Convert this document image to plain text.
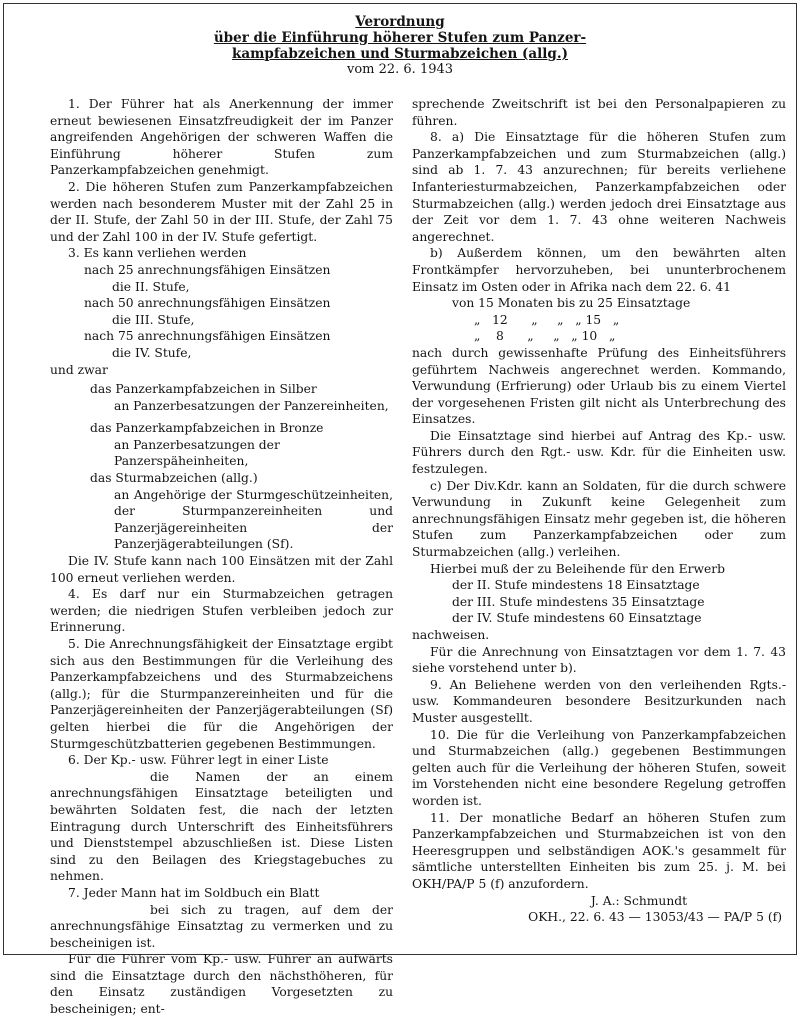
Verordnung
über die Einführung höherer Stufen zum Panzer-
kampfabzeichen und Sturmabzeichen (allg.)
vom 22. 6. 1943

1. Der Führer hat als Anerkennung der immer erneut bewiesenen Einsatzfreudigkeit der im Panzer angreifenden Angehörigen der schweren Waffen die Einführung höherer Stufen zum Panzerkampfabzeichen genehmigt.

2. Die höheren Stufen zum Panzerkampfabzeichen werden nach besonderem Muster mit der Zahl 25 in der II. Stufe, der Zahl 50 in der III. Stufe, der Zahl 75 und der Zahl 100 in der IV. Stufe gefertigt.

3. Es kann verliehen werden

nach 25 anrechnungsfähigen Einsätzen
die II. Stufe,
nach 50 anrechnungsfähigen Einsätzen
die III. Stufe,
nach 75 anrechnungsfähigen Einsätzen
die IV. Stufe,
und zwar
das Panzerkampfabzeichen in Silber
an Panzerbesatzungen der Panzereinheiten,
das Panzerkampfabzeichen in Bronze
an Panzerbesatzungen der Panzerspäheinheiten,
das Sturmabzeichen (allg.)
an Angehörige der Sturmgeschützeinheiten, der Sturmpanzereinheiten und Panzerjägereinheiten der Panzerjägerabteilungen (Sf).

Die IV. Stufe kann nach 100 Einsätzen mit der Zahl 100 erneut verliehen werden.

4. Es darf nur ein Sturmabzeichen getragen werden; die niedrigen Stufen verbleiben jedoch zur Erinnerung.

5. Die Anrechnungsfähigkeit der Einsatztage ergibt sich aus den Bestimmungen für die Verleihung des Panzerkampfabzeichens und des Sturmabzeichens (allg.); für die Sturmpanzereinheiten und für die Panzerjägereinheiten der Panzerjägerabteilungen (Sf) gelten hierbei die für die Angehörigen der Sturmgeschützbatterien gegebenen Bestimmungen.

6. Der Kp.- usw. Führer legt in einer Liste

die Namen der an einem anrechnungsfähigen Einsatztage beteiligten und bewährten Soldaten fest, die nach der letzten Eintragung durch Unterschrift des Einheitsführers und Dienststempel abzuschließen ist. Diese Listen sind zu den Beilagen des Kriegstagebuches zu nehmen.

7. Jeder Mann hat im Soldbuch ein Blatt

bei sich zu tragen, auf dem der anrechnungsfähige Einsatztag zu vermerken und zu bescheinigen ist.

Für die Führer vom Kp.- usw. Führer an aufwärts sind die Einsatztage durch den nächsthöheren, für den Einsatz zuständigen Vorgesetzten zu bescheinigen; ent-

sprechende Zweitschrift ist bei den Personalpapieren zu führen.

8. a) Die Einsatztage für die höheren Stufen zum Panzerkampfabzeichen und zum Sturmabzeichen (allg.) sind ab 1. 7. 43 anzurechnen; für bereits verliehene Infanteriesturmabzeichen, Panzerkampfabzeichen oder Sturmabzeichen (allg.) werden jedoch drei Einsatztage aus der Zeit vor dem 1. 7. 43 ohne weiteren Nachweis angerechnet.

b) Außerdem können, um den bewährten alten Frontkämpfer hervorzuheben, bei ununterbrochenem Einsatz im Osten oder in Afrika nach dem 22. 6. 41

von 15 Monaten bis zu 25 Einsatztage
„   12      „     „   „ 15   „
„    8      „     „   „ 10   „

nach durch gewissenhafte Prüfung des Einheitsführers geführtem Nachweis angerechnet werden. Kommando, Verwundung (Erfrierung) oder Urlaub bis zu einem Viertel der vorgesehenen Fristen gilt nicht als Unterbrechung des Einsatzes.

Die Einsatztage sind hierbei auf Antrag des Kp.- usw. Führers durch den Rgt.- usw. Kdr. für die Einheiten usw. festzulegen.

c) Der Div.Kdr. kann an Soldaten, für die durch schwere Verwundung in Zukunft keine Gelegenheit zum anrechnungsfähigen Einsatz mehr gegeben ist, die höheren Stufen zum Panzerkampfabzeichen oder zum Sturmabzeichen (allg.) verleihen.

Hierbei muß der zu Beleihende für den Erwerb

der II. Stufe mindestens 18 Einsatztage
der III. Stufe mindestens 35 Einsatztage
der IV. Stufe mindestens 60 Einsatztage
nachweisen.

Für die Anrechnung von Einsatztagen vor dem 1. 7. 43 siehe vorstehend unter b).

9. An Beliehene werden von den verleihenden Rgts.- usw. Kommandeuren besondere Besitzurkunden nach Muster ausgestellt.

10. Die für die Verleihung von Panzerkampfabzeichen und Sturmabzeichen (allg.) gegebenen Bestimmungen gelten auch für die Verleihung der höheren Stufen, soweit im Vorstehenden nicht eine besondere Regelung getroffen worden ist.

11. Der monatliche Bedarf an höheren Stufen zum Panzerkampfabzeichen und Sturmabzeichen ist von den Heeresgruppen und selbständigen AOK.'s gesammelt für sämtliche unterstellten Einheiten bis zum 25. j. M. bei OKH/PA/P 5 (f) anzufordern.

J. A.: Schmundt
OKH., 22. 6. 43 — 13053/43 — PA/P 5 (f)
